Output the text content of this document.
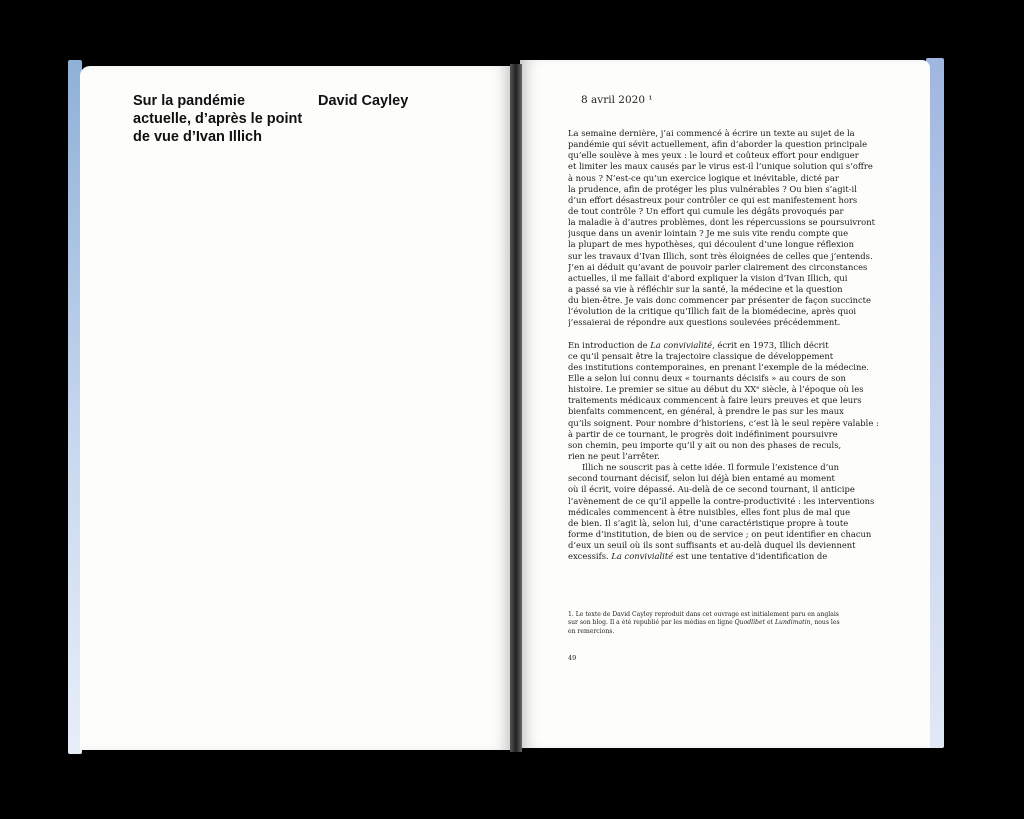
Sur la pandémie
actuelle, d’après le point
de vue d’Ivan Illich
David Cayley	8 avril 2020 ¹
La semaine dernière, j’ai commencé à écrire un texte au sujet de la
pandémie qui sévit actuellement, afin d’aborder la question principale
qu’elle soulève à mes yeux : le lourd et coûteux effort pour endiguer
et limiter les maux causés par le virus est-il l’unique solution qui s’offre
à nous ? N’est-ce qu’un exercice logique et inévitable, dicté par
la prudence, afin de protéger les plus vulnérables ? Ou bien s’agit-il
d’un effort désastreux pour contrôler ce qui est manifestement hors
de tout contrôle ? Un effort qui cumule les dégâts provoqués par
la maladie à d’autres problèmes, dont les répercussions se poursuivront
jusque dans un avenir lointain ? Je me suis vite rendu compte que
la plupart de mes hypothèses, qui découlent d’une longue réflexion
sur les travaux d’Ivan Illich, sont très éloignées de celles que j’entends.
J’en ai déduit qu’avant de pouvoir parler clairement des circonstances
actuelles, il me fallait d’abord expliquer la vision d’Ivan Illich, qui
a passé sa vie à réfléchir sur la santé, la médecine et la question
du bien-être. Je vais donc commencer par présenter de façon succincte
l’évolution de la critique qu’Illich fait de la biomédecine, après quoi
j’essaierai de répondre aux questions soulevées précédemment.
En introduction de La convivialité, écrit en 1973, Illich décrit
ce qu’il pensait être la trajectoire classique de développement
des institutions contemporaines, en prenant l’exemple de la médecine.
Elle a selon lui connu deux « tournants décisifs » au cours de son
histoire. Le premier se situe au début du XXᵉ siècle, à l’époque où les
traitements médicaux commencent à faire leurs preuves et que leurs
bienfaits commencent, en général, à prendre le pas sur les maux
qu’ils soignent. Pour nombre d’historiens, c’est là le seul repère valable :
à partir de ce tournant, le progrès doit indéfiniment poursuivre
son chemin, peu importe qu’il y ait ou non des phases de reculs,
rien ne peut l’arrêter.
Illich ne souscrit pas à cette idée. Il formule l’existence d’un
second tournant décisif, selon lui déjà bien entamé au moment
où il écrit, voire dépassé. Au-delà de ce second tournant, il anticipe
l’avènement de ce qu’il appelle la contre-productivité : les interventions
médicales commencent à être nuisibles, elles font plus de mal que
de bien. Il s’agit là, selon lui, d’une caractéristique propre à toute
forme d’institution, de bien ou de service ; on peut identifier en chacun
d’eux un seuil où ils sont suffisants et au-delà duquel ils deviennent
excessifs. La convivialité est une tentative d’identification de
1. Le texte de David Cayley reproduit dans cet ouvrage est initialement paru en anglais
sur son blog. Il a été republié par les médias en ligne Quodlibet et Lundimatin, nous les
en remercions.
49
